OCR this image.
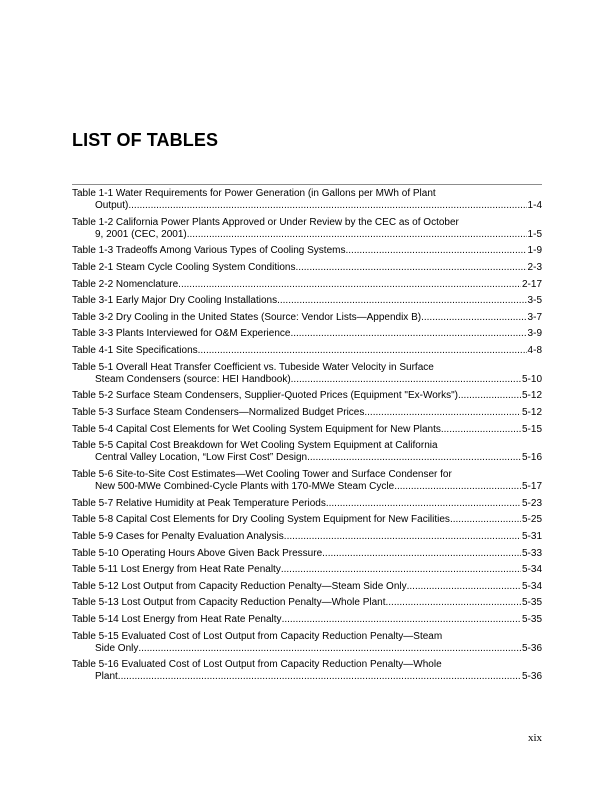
LIST OF TABLES
Table 1-1 Water Requirements for Power Generation (in Gallons per MWh of Plant
Output) .....	1-4
Table 1-2 California Power Plants Approved or Under Review by the CEC as of October
9, 2001 (CEC, 2001) .....	1-5
Table 1-3 Tradeoffs Among Various Types of Cooling Systems .....	1-9
Table 2-1 Steam Cycle Cooling System Conditions .....	2-3
Table 2-2 Nomenclature .....	2-17
Table 3-1 Early Major Dry Cooling Installations .....	3-5
Table 3-2 Dry Cooling in the United States (Source: Vendor Lists—Appendix B) .....	3-7
Table 3-3 Plants Interviewed for O&M Experience .....	3-9
Table 4-1 Site Specifications .....	4-8
Table 5-1 Overall Heat Transfer Coefficient vs. Tubeside Water Velocity in Surface
Steam Condensers (source: HEI Handbook) .....	5-10
Table 5-2 Surface Steam Condensers, Supplier-Quoted Prices (Equipment "Ex-Works") .....	5-12
Table 5-3 Surface Steam Condensers—Normalized Budget Prices .....	5-12
Table 5-4 Capital Cost Elements for Wet Cooling System Equipment for New Plants .....	5-15
Table 5-5 Capital Cost Breakdown for Wet Cooling System Equipment at California
Central Valley Location, “Low First Cost” Design .....	5-16
Table 5-6 Site-to-Site Cost Estimates—Wet Cooling Tower and Surface Condenser for
New 500-MWe Combined-Cycle Plants with 170-MWe Steam Cycle .....	5-17
Table 5-7 Relative Humidity at Peak Temperature Periods .....	5-23
Table 5-8 Capital Cost Elements for Dry Cooling System Equipment for New Facilities .....	5-25
Table 5-9 Cases for Penalty Evaluation Analysis .....	5-31
Table 5-10 Operating Hours Above Given Back Pressure .....	5-33
Table 5-11 Lost Energy from Heat Rate Penalty .....	5-34
Table 5-12 Lost Output from Capacity Reduction Penalty—Steam Side Only .....	5-34
Table 5-13 Lost Output from Capacity Reduction Penalty—Whole Plant .....	5-35
Table 5-14 Lost Energy from Heat Rate Penalty .....	5-35
Table 5-15 Evaluated Cost of Lost Output from Capacity Reduction Penalty—Steam
Side Only .....	5-36
Table 5-16 Evaluated Cost of Lost Output from Capacity Reduction Penalty—Whole
Plant .....	5-36
xix
